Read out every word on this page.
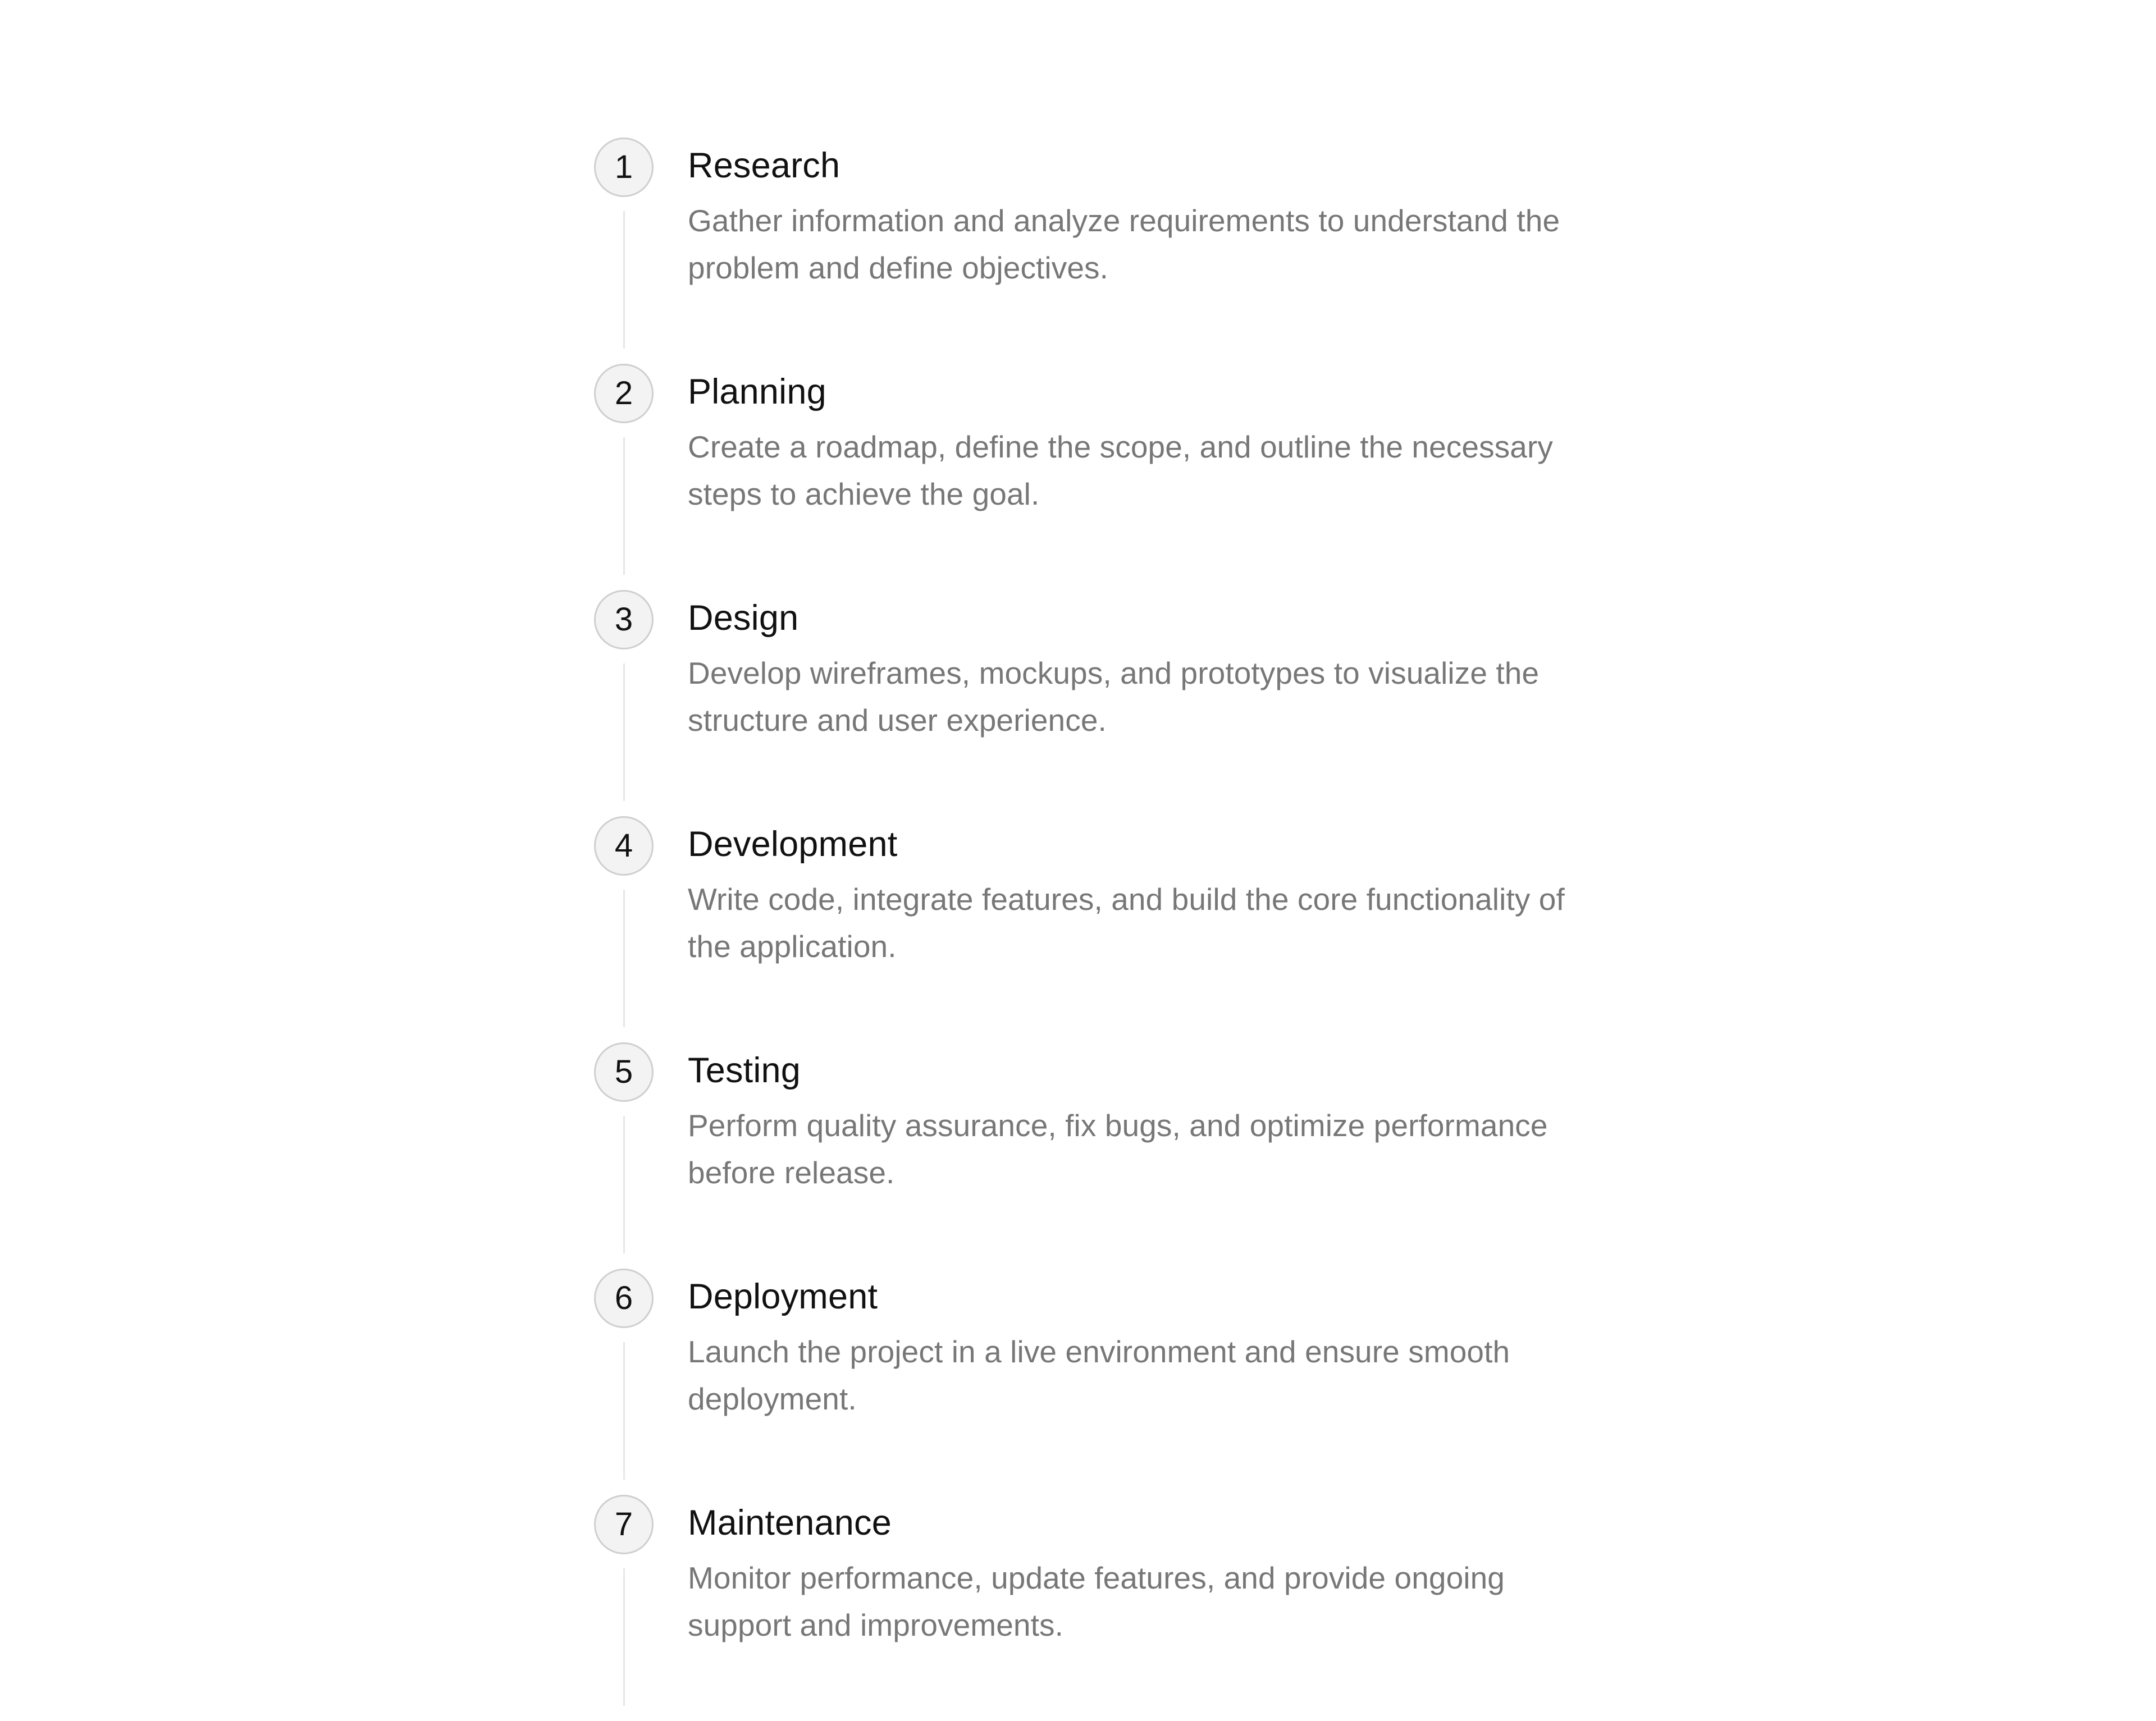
1	Research

Gather information and analyze requirements to understand the problem and define objectives.

2	Planning

Create a roadmap, define the scope, and outline the necessary steps to achieve the goal.

3	Design

Develop wireframes, mockups, and prototypes to visualize the structure and user experience.

4	Development

Write code, integrate features, and build the core functionality of the application.

5	Testing

Perform quality assurance, fix bugs, and optimize performance before release.

6	Deployment

Launch the project in a live environment and ensure smooth deployment.

7	Maintenance

Monitor performance, update features, and provide ongoing support and improvements.
